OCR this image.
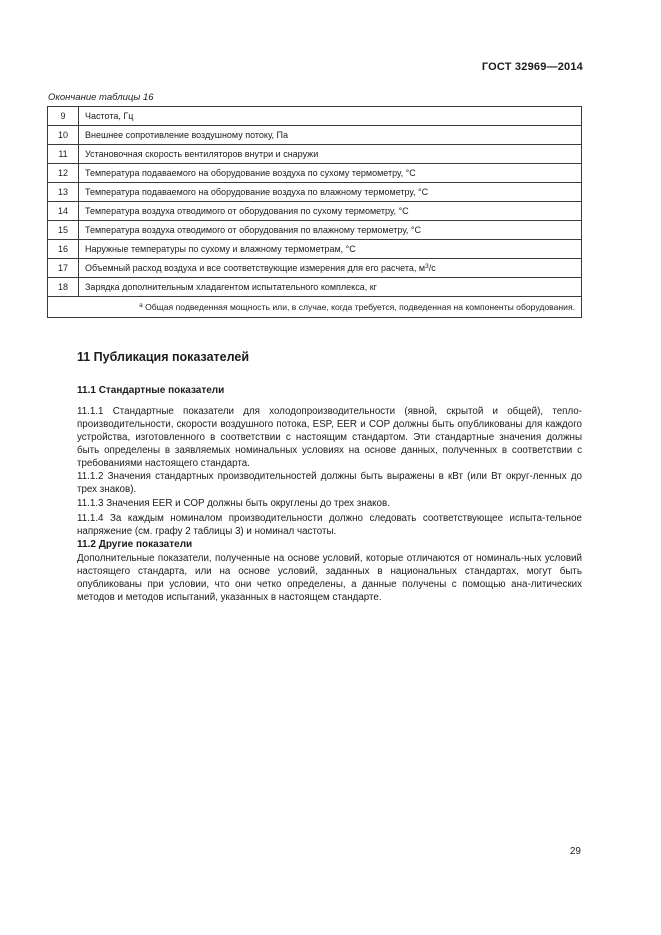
ГОСТ 32969—2014
Окончание таблицы 16
9	Частота, Гц
10	Внешнее сопротивление воздушному потоку, Па
11	Установочная скорость вентиляторов внутри и снаружи
12	Температура подаваемого на оборудование воздуха по сухому термометру, °С
13	Температура подаваемого на оборудование воздуха по влажному термометру, °С
14	Температура воздуха отводимого от оборудования по сухому термометру, °С
15	Температура воздуха отводимого от оборудования по влажному термометру, °С
16	Наружные температуры по сухому и влажному термометрам, °С
17	Объемный расход воздуха и все соответствующие измерения для его расчета, $м^3/с$
18	Зарядка дополнительным хладагентом испытательного комплекса, кг
$^а$ Общая подведенная мощность или, в случае, когда требуется, подведенная на компоненты оборудования.	
11 Публикация показателей
11.1 Стандартные показатели
11.1.1 Стандартные показатели для холодопроизводительности (явной, скрытой и общей), тепло-производительности, скорости воздушного потока, ESP, EER и COP должны быть опубликованы для каждого устройства, изготовленного в соответствии с настоящим стандартом. Эти стандартные значения должны быть определены в заявляемых номинальных условиях на основе данных, полученных в соответствии с требованиями настоящего стандарта.
11.1.2 Значения стандартных производительностей должны быть выражены в кВт (или Вт округ-ленных до трех знаков).
11.1.3 Значения EER и COP должны быть округлены до трех знаков.
11.1.4 За каждым номиналом производительности должно следовать соответствующее испыта-тельное напряжение (см. графу 2 таблицы 3) и номинал частоты.
11.2 Другие показатели
Дополнительные показатели, полученные на основе условий, которые отличаются от номиналь-ных условий настоящего стандарта, или на основе условий, заданных в национальных стандартах, могут быть опубликованы при условии, что они четко определены, а данные получены с помощью ана-литических методов и методов испытаний, указанных в настоящем стандарте.
29
